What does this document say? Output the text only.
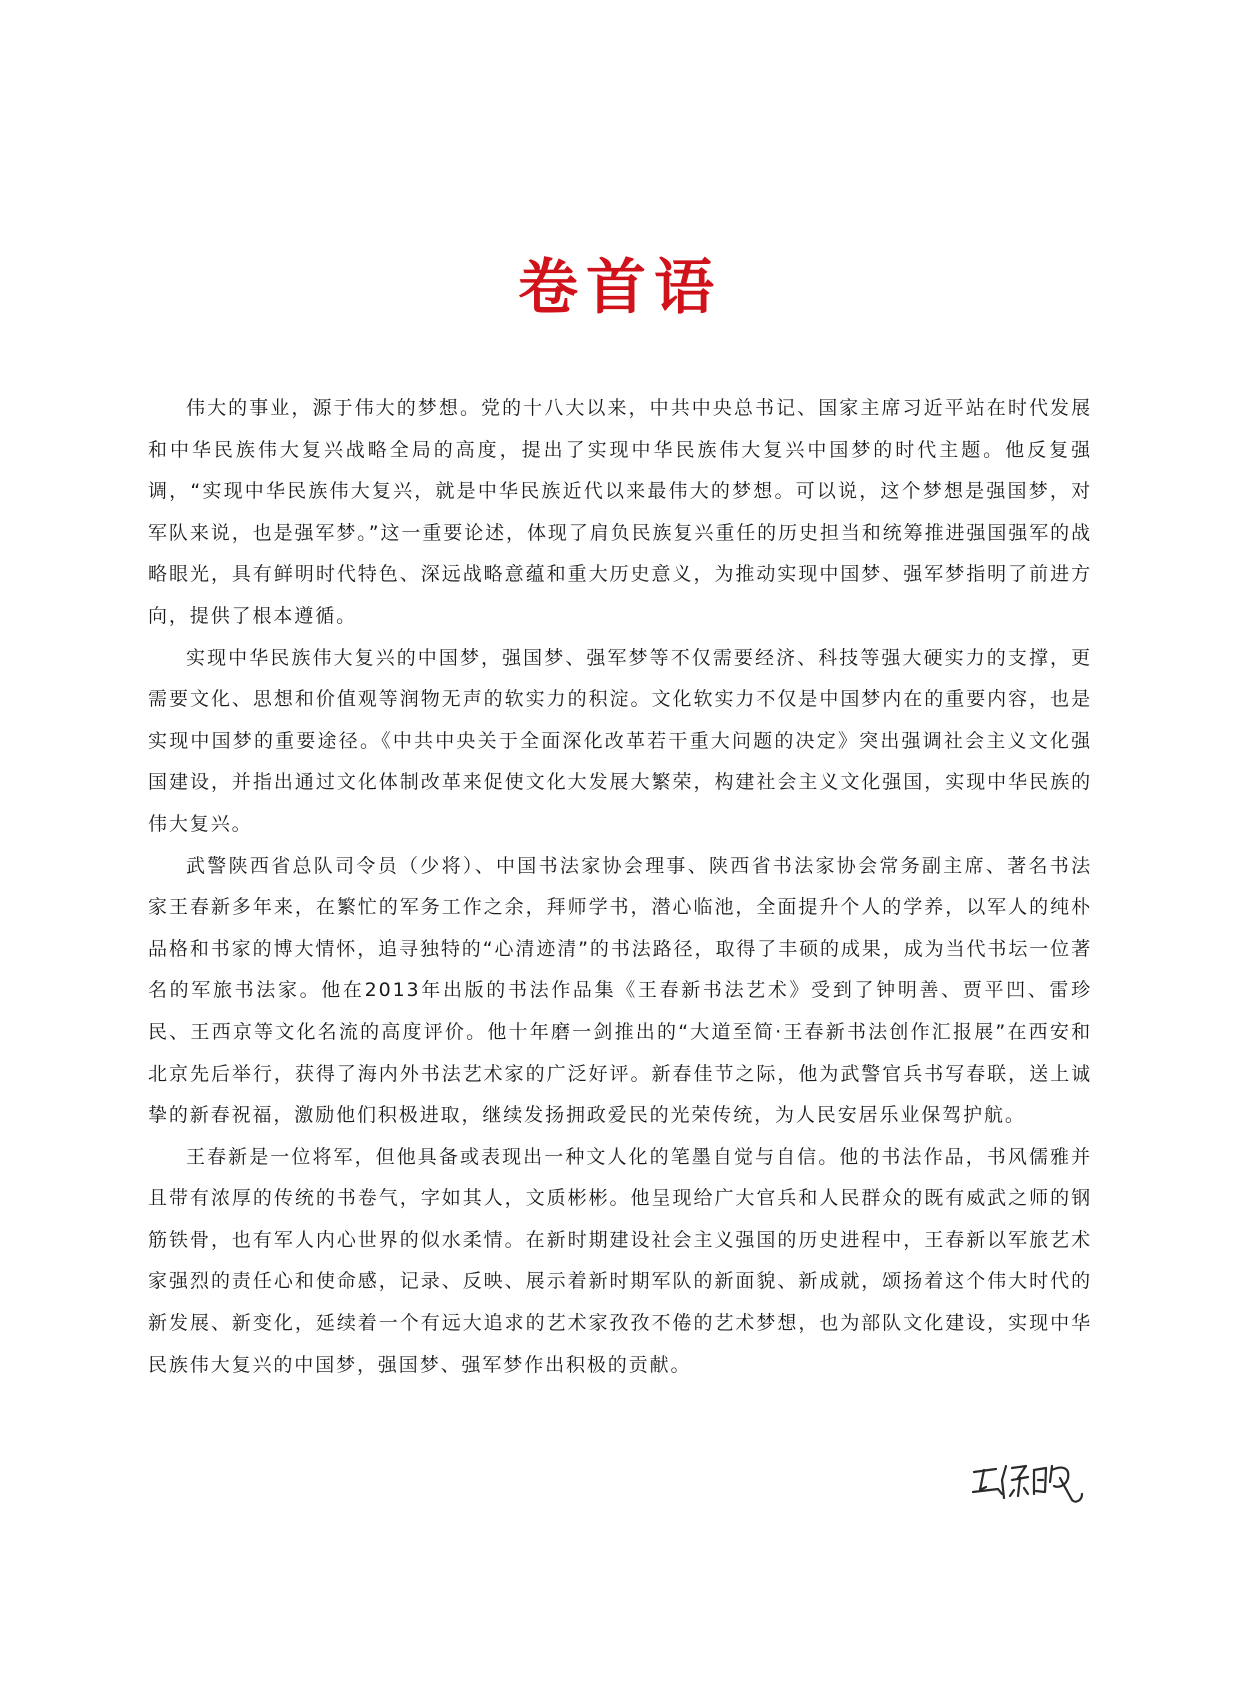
卷首语

伟大的事业，源于伟大的梦想。党的十八大以来，中共中央总书记、国家主席习近平站在时代发展和中华民族伟大复兴战略全局的高度，提出了实现中华民族伟大复兴中国梦的时代主题。他反复强调，“实现中华民族伟大复兴，就是中华民族近代以来最伟大的梦想。可以说，这个梦想是强国梦，对军队来说，也是强军梦。”这一重要论述，体现了肩负民族复兴重任的历史担当和统筹推进强国强军的战略眼光，具有鲜明时代特色、深远战略意蕴和重大历史意义，为推动实现中国梦、强军梦指明了前进方向，提供了根本遵循。

实现中华民族伟大复兴的中国梦，强国梦、强军梦等不仅需要经济、科技等强大硬实力的支撑，更需要文化、思想和价值观等润物无声的软实力的积淀。文化软实力不仅是中国梦内在的重要内容，也是实现中国梦的重要途径。《中共中央关于全面深化改革若干重大问题的决定》突出强调社会主义文化强国建设，并指出通过文化体制改革来促使文化大发展大繁荣，构建社会主义文化强国，实现中华民族的伟大复兴。

武警陕西省总队司令员（少将）、中国书法家协会理事、陕西省书法家协会常务副主席、著名书法家王春新多年来，在繁忙的军务工作之余，拜师学书，潜心临池，全面提升个人的学养，以军人的纯朴品格和书家的博大情怀，追寻独特的“心清迹清”的书法路径，取得了丰硕的成果，成为当代书坛一位著名的军旅书法家。他在2013年出版的书法作品集《王春新书法艺术》受到了钟明善、贾平凹、雷珍民、王西京等文化名流的高度评价。他十年磨一剑推出的“大道至简·王春新书法创作汇报展”在西安和北京先后举行，获得了海内外书法艺术家的广泛好评。新春佳节之际，他为武警官兵书写春联，送上诚挚的新春祝福，激励他们积极进取，继续发扬拥政爱民的光荣传统，为人民安居乐业保驾护航。

王春新是一位将军，但他具备或表现出一种文人化的笔墨自觉与自信。他的书法作品，书风儒雅并且带有浓厚的传统的书卷气，字如其人，文质彬彬。他呈现给广大官兵和人民群众的既有威武之师的钢筋铁骨，也有军人内心世界的似水柔情。在新时期建设社会主义强国的历史进程中，王春新以军旅艺术家强烈的责任心和使命感，记录、反映、展示着新时期军队的新面貌、新成就，颂扬着这个伟大时代的新发展、新变化，延续着一个有远大追求的艺术家孜孜不倦的艺术梦想，也为部队文化建设，实现中华民族伟大复兴的中国梦，强国梦、强军梦作出积极的贡献。
